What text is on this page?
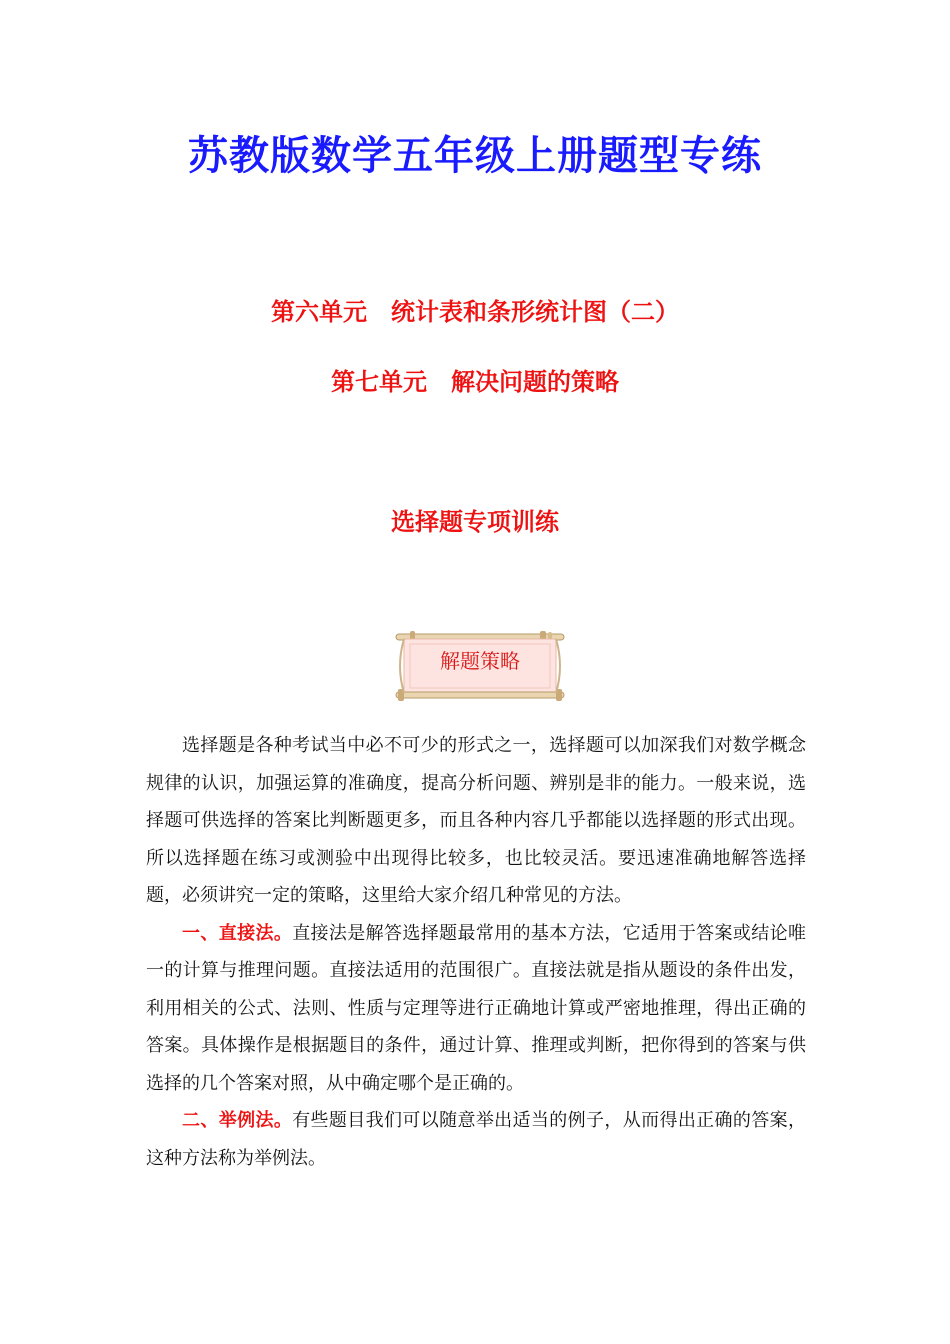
苏教版数学五年级上册题型专练
第六单元　统计表和条形统计图（二）
第七单元　解决问题的策略
选择题专项训练
解题策略

选择题是各种考试当中必不可少的形式之一，选择题可以加深我们对数学概念规律的认识，加强运算的准确度，提高分析问题、辨别是非的能力。一般来说，选择题可供选择的答案比判断题更多，而且各种内容几乎都能以选择题的形式出现。所以选择题在练习或测验中出现得比较多，也比较灵活。要迅速准确地解答选择题，必须讲究一定的策略，这里给大家介绍几种常见的方法。

一、直接法。直接法是解答选择题最常用的基本方法，它适用于答案或结论唯一的计算与推理问题。直接法适用的范围很广。直接法就是指从题设的条件出发，利用相关的公式、法则、性质与定理等进行正确地计算或严密地推理，得出正确的答案。具体操作是根据题目的条件，通过计算、推理或判断，把你得到的答案与供选择的几个答案对照，从中确定哪个是正确的。

二、举例法。有些题目我们可以随意举出适当的例子，从而得出正确的答案，这种方法称为举例法。
